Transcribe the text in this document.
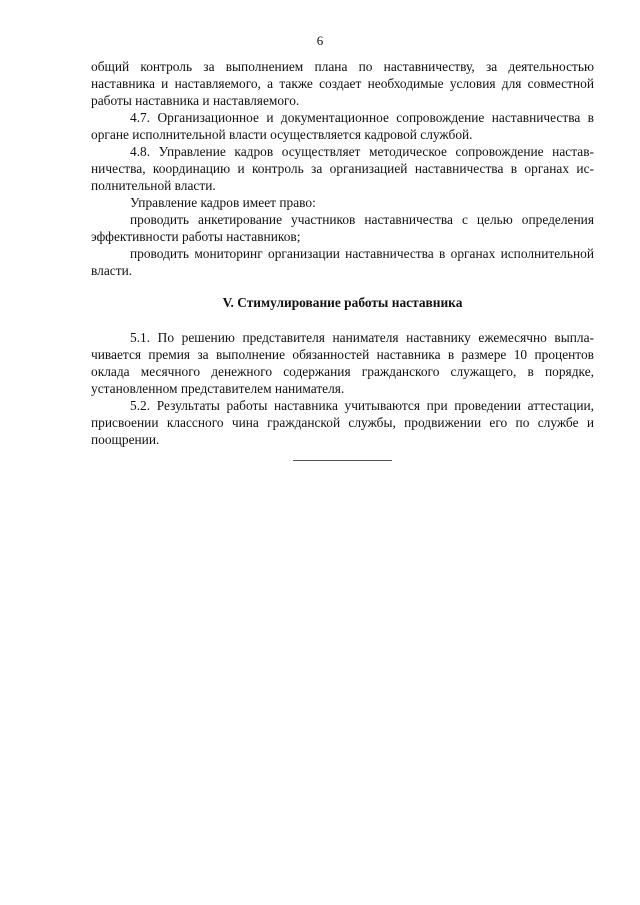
6

общий контроль за выполнением плана по наставничеству, за деятельностью наставника и наставляемого, а также создает необходимые условия для совместной работы наставника и наставляемого.

4.7. Организационное и документационное сопровождение наставничества в органе исполнительной власти осуществляется кадровой службой.

4.8. Управление кадров осуществляет методическое сопровождение наставничества, координацию и контроль за организацией наставничества в органах исполнительной власти.

Управление кадров имеет право:

проводить анкетирование участников наставничества с целью определения эффективности работы наставников;

проводить мониторинг организации наставничества в органах исполнительной власти.

V. Стимулирование работы наставника

5.1. По решению представителя нанимателя наставнику ежемесячно выплачивается премия за выполнение обязанностей наставника в размере 10 процентов оклада месячного денежного содержания гражданского служащего, в порядке, установленном представителем нанимателя.

5.2. Результаты работы наставника учитываются при проведении аттестации, присвоении классного чина гражданской службы, продвижении его по службе и поощрении.
